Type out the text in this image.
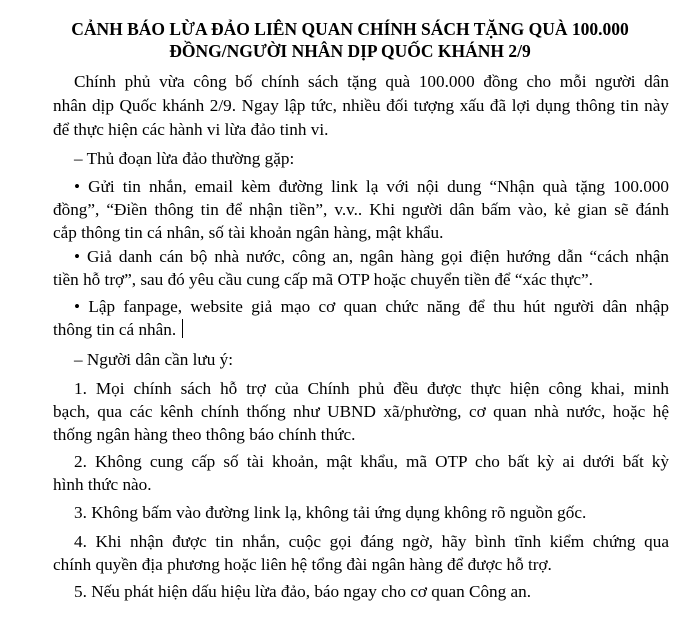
CẢNH BÁO LỪA ĐẢO LIÊN QUAN CHÍNH SÁCH TẶNG QUÀ 100.000
ĐỒNG/NGƯỜI NHÂN DỊP QUỐC KHÁNH 2/9
Chính phủ vừa công bố chính sách tặng quà 100.000 đồng cho mỗi người dân
nhân dịp Quốc khánh 2/9. Ngay lập tức, nhiều đối tượng xấu đã lợi dụng thông tin này
để thực hiện các hành vi lừa đảo tinh vi.
– Thủ đoạn lừa đảo thường gặp:
• Gửi tin nhắn, email kèm đường link lạ với nội dung “Nhận quà tặng 100.000
đồng”, “Điền thông tin để nhận tiền”, v.v.. Khi người dân bấm vào, kẻ gian sẽ đánh
cắp thông tin cá nhân, số tài khoản ngân hàng, mật khẩu.
• Giả danh cán bộ nhà nước, công an, ngân hàng gọi điện hướng dẫn “cách nhận
tiền hỗ trợ”, sau đó yêu cầu cung cấp mã OTP hoặc chuyển tiền để “xác thực”.
• Lập fanpage, website giả mạo cơ quan chức năng để thu hút người dân nhập
thông tin cá nhân.
– Người dân cần lưu ý:
1. Mọi chính sách hỗ trợ của Chính phủ đều được thực hiện công khai, minh
bạch, qua các kênh chính thống như UBND xã/phường, cơ quan nhà nước, hoặc hệ
thống ngân hàng theo thông báo chính thức.
2. Không cung cấp số tài khoản, mật khẩu, mã OTP cho bất kỳ ai dưới bất kỳ
hình thức nào.
3. Không bấm vào đường link lạ, không tải ứng dụng không rõ nguồn gốc.
4. Khi nhận được tin nhắn, cuộc gọi đáng ngờ, hãy bình tĩnh kiểm chứng qua
chính quyền địa phương hoặc liên hệ tổng đài ngân hàng để được hỗ trợ.
5. Nếu phát hiện dấu hiệu lừa đảo, báo ngay cho cơ quan Công an.
